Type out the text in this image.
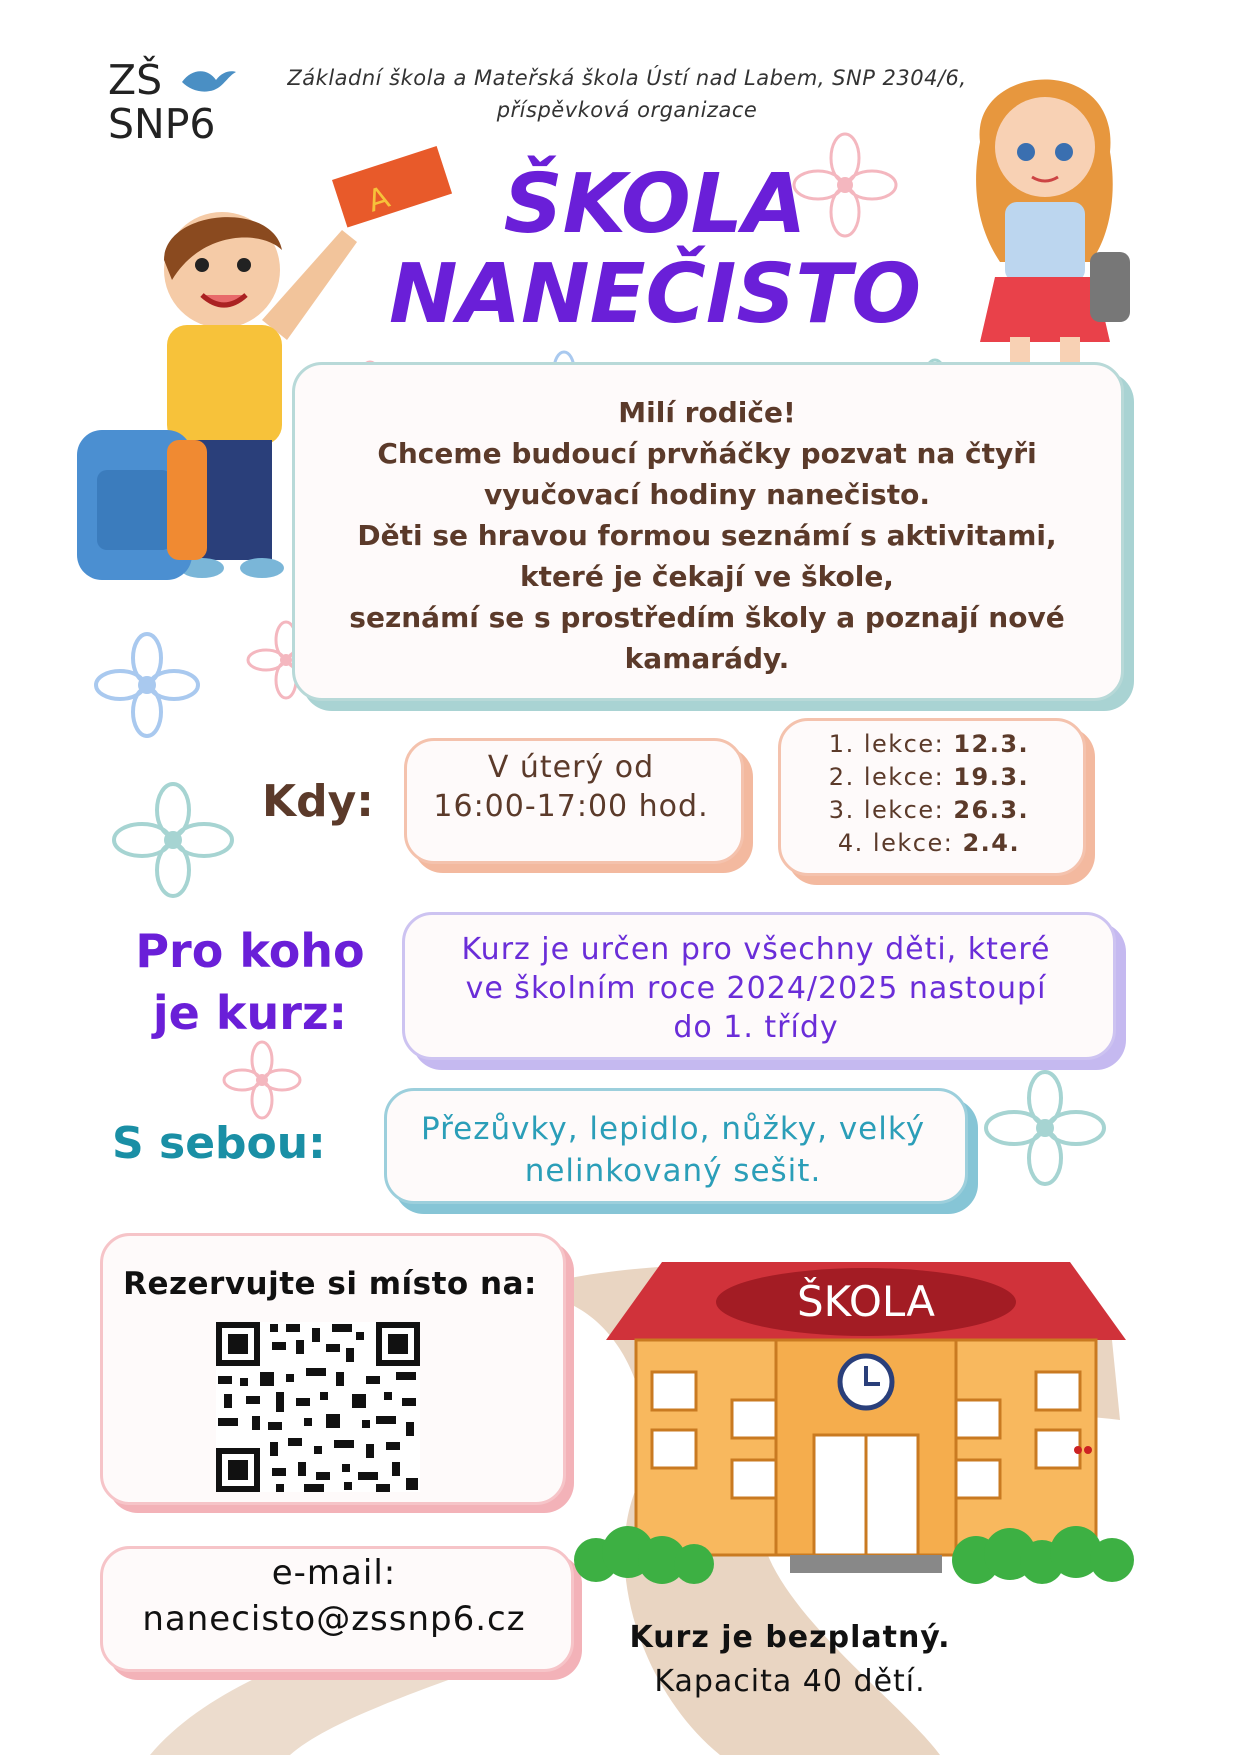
ZŠ
SNP6
Základní škola a Mateřská škola Ústí nad Labem, SNP 2304/6,
příspěvková organizace
ŠKOLA
NANEČISTO
A
Milí rodiče!
Chceme budoucí prvňáčky pozvat na čtyři
vyučovací hodiny nanečisto.
Děti se hravou formou seznámí s aktivitami,
které je čekají ve škole,
seznámí se s prostředím školy a poznají nové
kamarády.
Kdy:
V úterý od
16:00-17:00 hod.
1. lekce: 12.3.
2. lekce: 19.3.
3. lekce: 26.3.
4. lekce: 2.4.
Pro koho
je kurz:
Kurz je určen pro všechny děti, které
ve školním roce 2024/2025 nastoupí
do 1. třídy
S sebou:	Přezůvky, lepidlo, nůžky, velký
nelinkovaný sešit.
Rezervujte si místo na:
e-mail:
nanecisto@zssnp6.cz
ŠKOLA
Kurz je bezplatný.
Kapacita 40 dětí.
